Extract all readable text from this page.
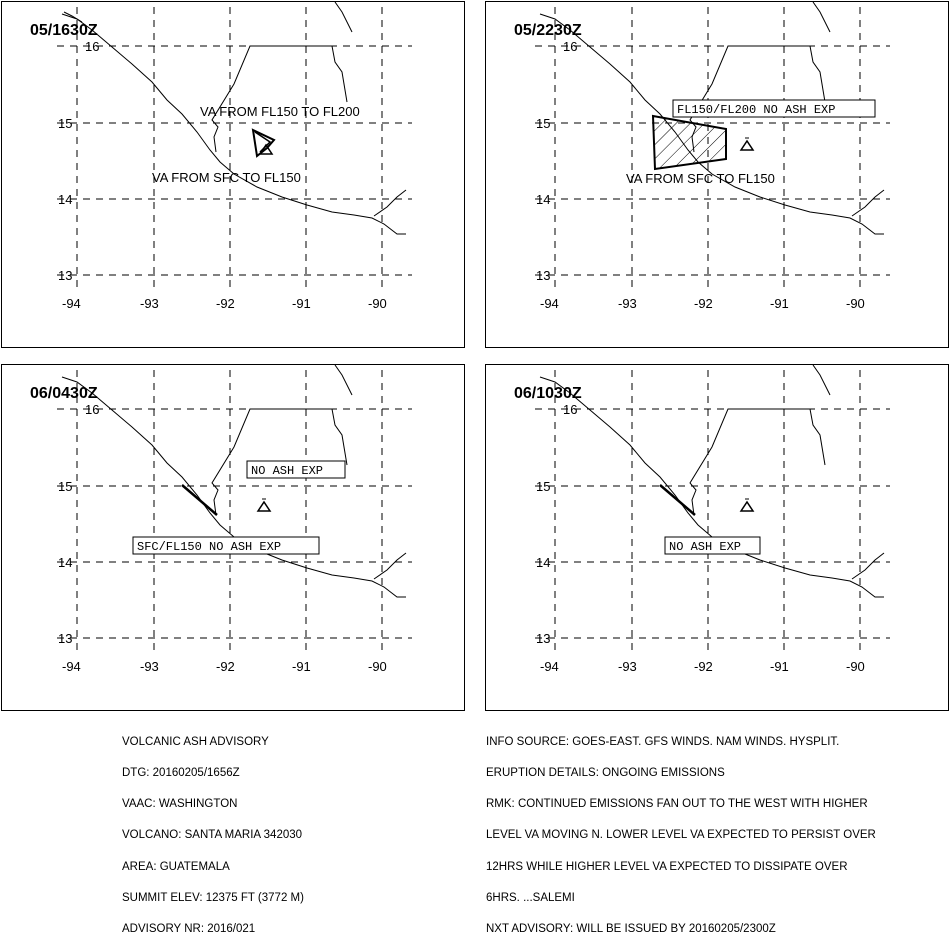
05/1630Z
16
15
14
13
-94	-93	-92	-91	-90
VA FROM FL150 TO FL200
VA FROM SFC TO FL150
05/2230Z
16
15
14
13
-94	-93	-92	-91	-90
FL150/FL200 NO ASH EXP
VA FROM SFC TO FL150
06/0430Z
16
15
14
13
-94	-93	-92	-91	-90
NO ASH EXP
SFC/FL150 NO ASH EXP
06/1030Z
16
15
14
13
-94	-93	-92	-91	-90
NO ASH EXP

VOLCANIC ASH ADVISORY

DTG: 20160205/1656Z

VAAC: WASHINGTON

VOLCANO: SANTA MARIA 342030

AREA: GUATEMALA

SUMMIT ELEV: 12375 FT (3772 M)

ADVISORY NR: 2016/021

INFO SOURCE: GOES-EAST. GFS WINDS. NAM WINDS. HYSPLIT.

ERUPTION DETAILS: ONGOING EMISSIONS

RMK: CONTINUED EMISSIONS FAN OUT TO THE WEST WITH HIGHER

LEVEL VA MOVING N. LOWER LEVEL VA EXPECTED TO PERSIST OVER

12HRS WHILE HIGHER LEVEL VA EXPECTED TO DISSIPATE OVER

6HRS. ...SALEMI

NXT ADVISORY: WILL BE ISSUED BY 20160205/2300Z
